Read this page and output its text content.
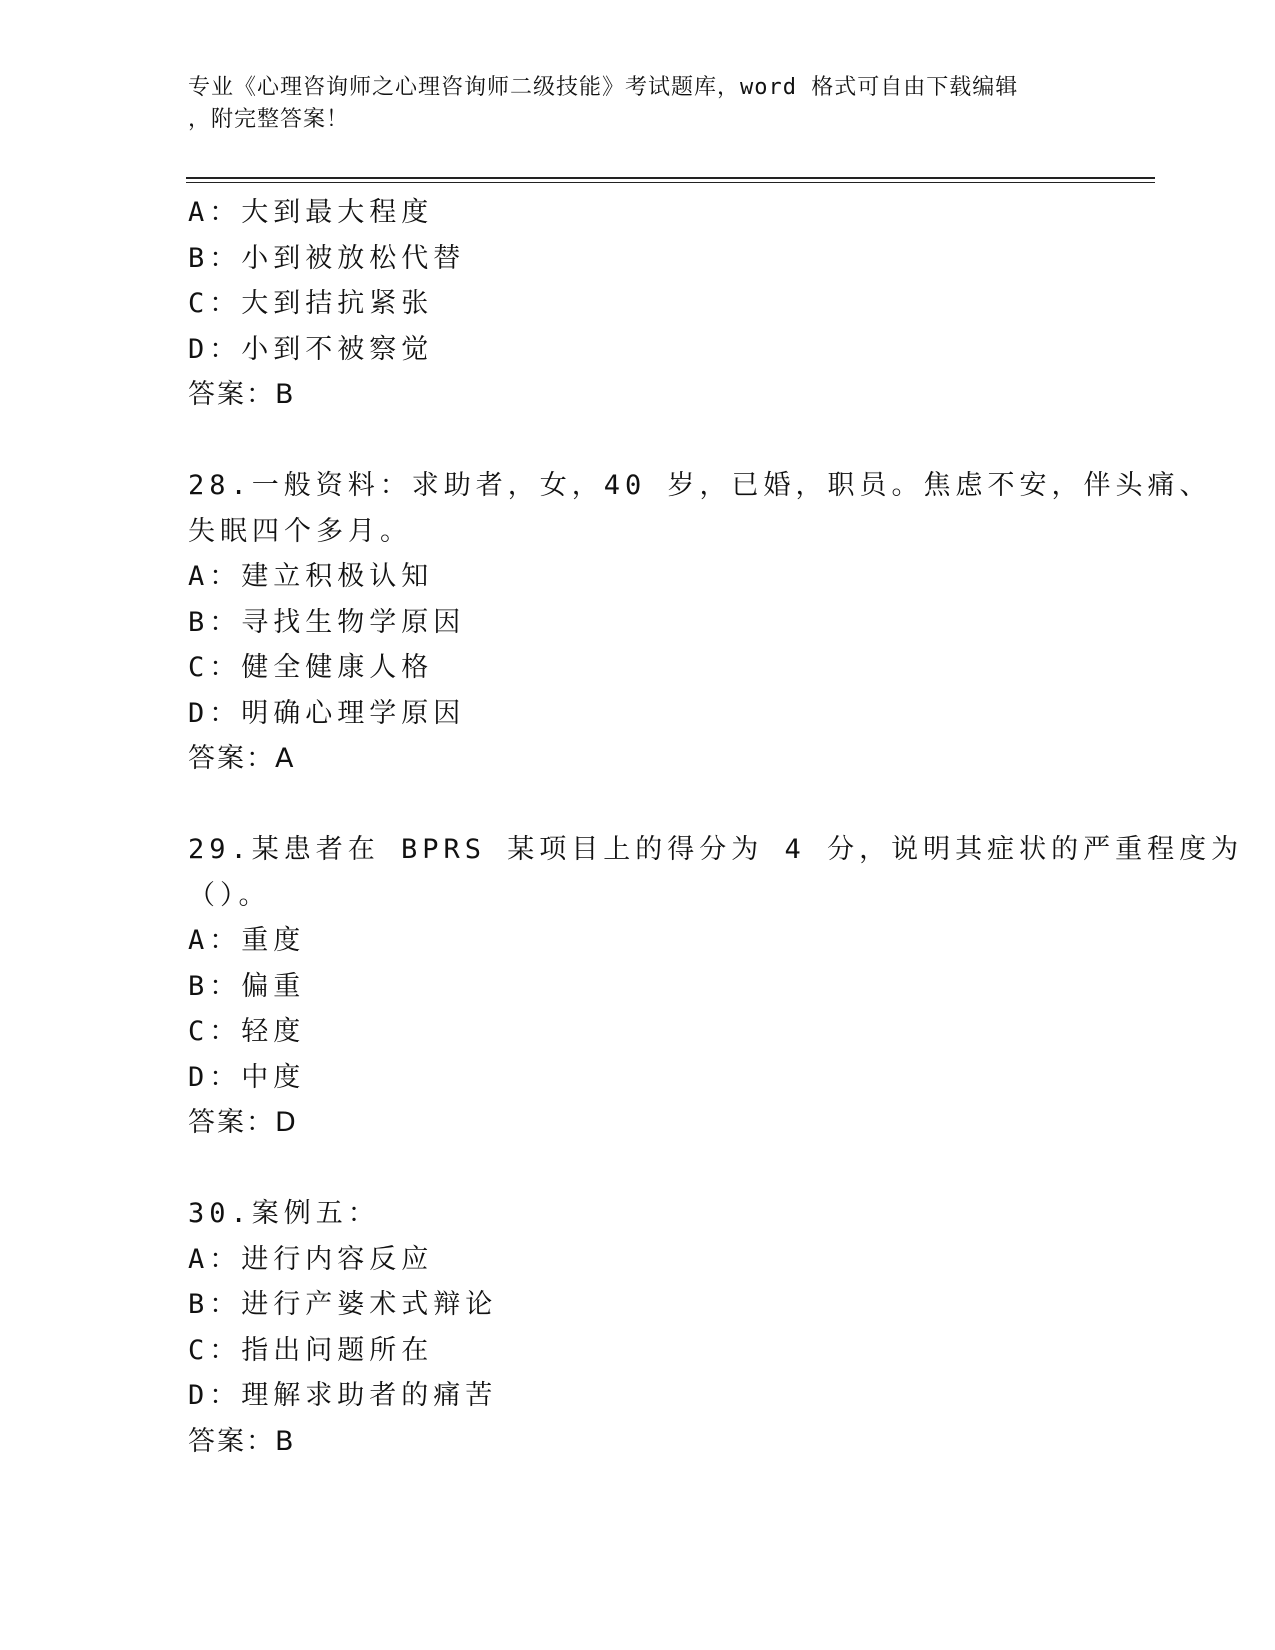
专业《心理咨询师之心理咨询师二级技能》考试题库，word 格式可自由下载编辑
，附完整答案！
A：大到最大程度
B：小到被放松代替
C：大到拮抗紧张
D：小到不被察觉
答案：B
28.一般资料：求助者，女，40 岁，已婚，职员。焦虑不安，伴头痛、
失眠四个多月。
A：建立积极认知
B：寻找生物学原因
C：健全健康人格
D：明确心理学原因
答案：A
29.某患者在 BPRS 某项目上的得分为 4 分，说明其症状的严重程度为
（）。
A：重度
B：偏重
C：轻度
D：中度
答案：D
30.案例五：
A：进行内容反应
B：进行产婆术式辩论
C：指出问题所在
D：理解求助者的痛苦
答案：B
